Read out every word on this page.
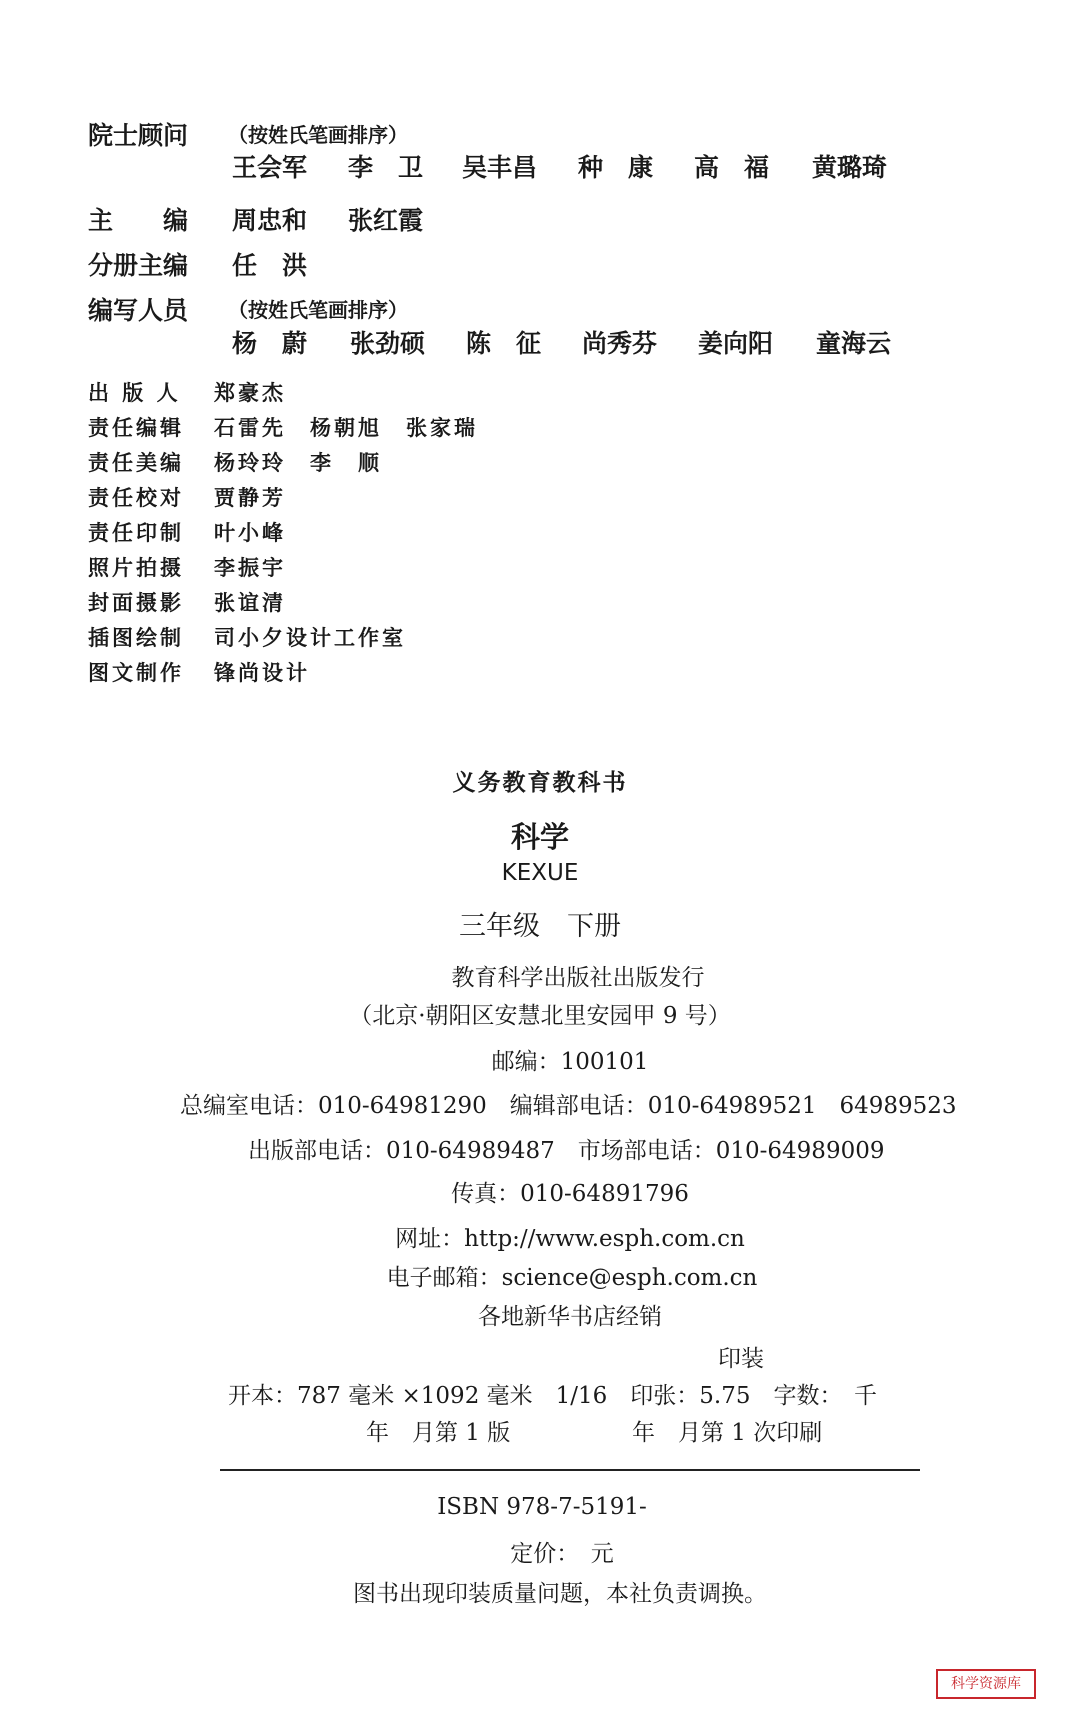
院士顾问 （按姓氏笔画排序）
王会军 李　卫 吴丰昌 种　康 高　福 黄璐琦
主　　编 周忠和 张红霞
分册主编 任　洪
编写人员 （按姓氏笔画排序）
杨　蔚 张劲硕 陈　征 尚秀芬 姜向阳 童海云
出 版 人 郑豪杰
责任编辑 石雷先　杨朝旭　张家瑞
责任美编 杨玲玲　李　顺
责任校对 贾静芳
责任印制 叶小峰
照片拍摄 李振宇
封面摄影 张谊清
插图绘制 司小夕设计工作室
图文制作 锋尚设计
义务教育教科书
科学
KEXUE
三年级　下册
教育科学出版社出版发行
（北京·朝阳区安慧北里安园甲 9 号）
邮编：100101
总编室电话：010-64981290　编辑部电话：010-64989521　64989523
出版部电话：010-64989487　市场部电话：010-64989009
传真：010-64891796
网址：http://www.esph.com.cn
电子邮箱：science@esph.com.cn
各地新华书店经销
印装
开本：787 毫米 ×1092 毫米　1/16　印张：5.75　字数：　千
年　月第 1 版	年　月第 1 次印刷
ISBN 978-7-5191-
定价：　元
图书出现印装质量问题，本社负责调换。
科学资源库
